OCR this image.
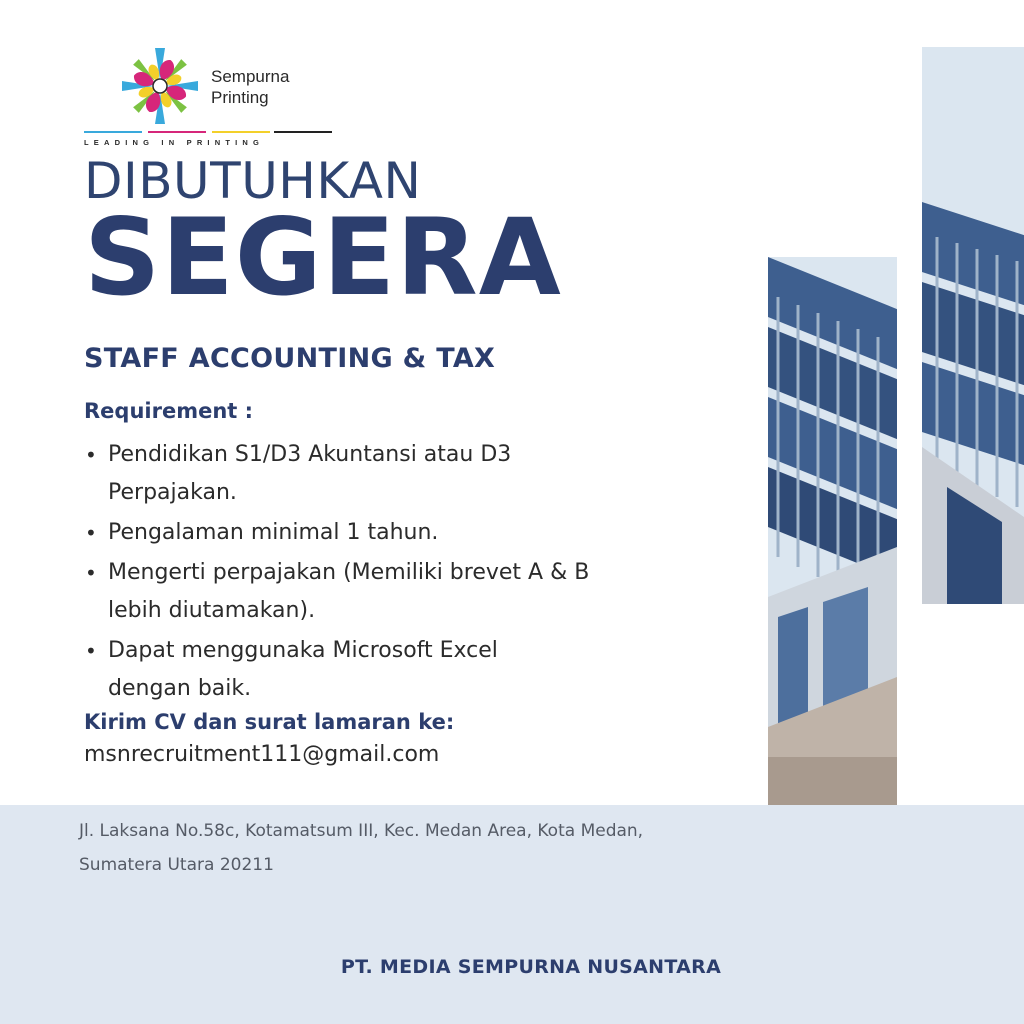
Sempurna
Printing
LEADING IN PRINTING
DIBUTUHKAN
SEGERA
STAFF ACCOUNTING & TAX
Requirement :
• Pendidikan S1/D3 Akuntansi atau D3
Perpajakan.
• Pengalaman minimal 1 tahun.
• Mengerti perpajakan (Memiliki brevet A & B
lebih diutamakan).
• Dapat menggunaka Microsoft Excel
dengan baik.
Kirim CV dan surat lamaran ke:
msnrecruitment111@gmail.com
Jl. Laksana No.58c, Kotamatsum III, Kec. Medan Area, Kota Medan,
Sumatera Utara 20211
PT. MEDIA SEMPURNA NUSANTARA
